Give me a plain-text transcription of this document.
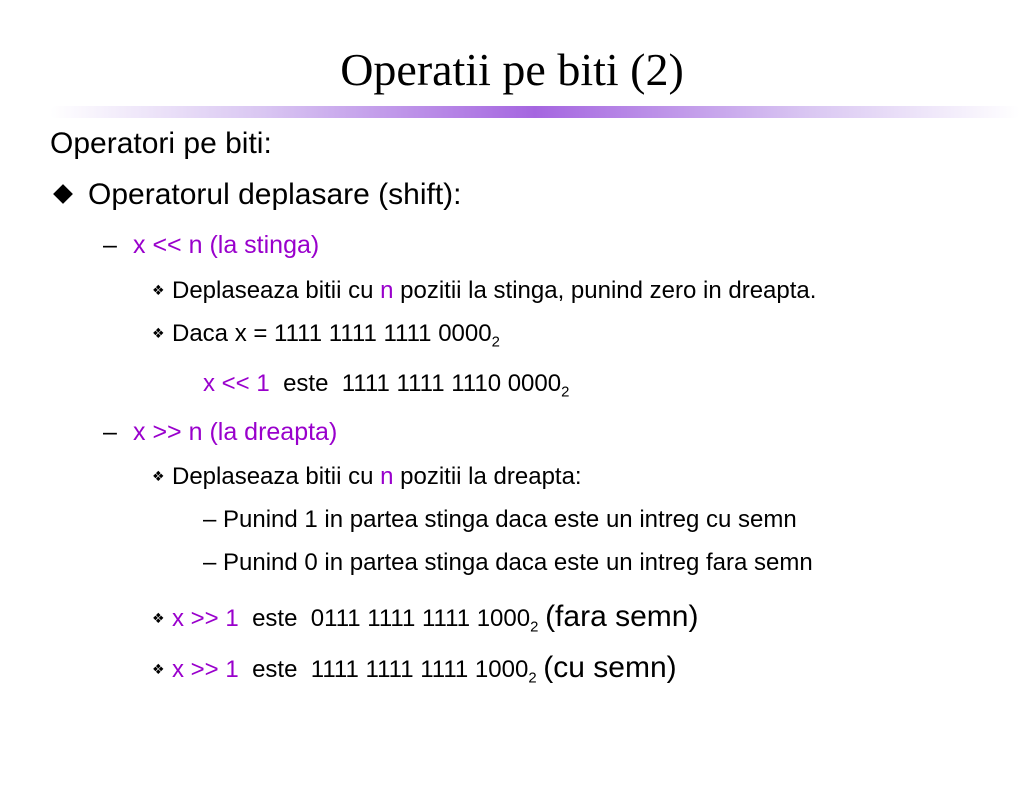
Operatii pe biti (2)
Operatori pe biti:
Operatorul deplasare (shift):
– x << n (la stinga)
❖ Deplaseaza bitii cu n pozitii la stinga, punind zero in dreapta.
❖ Daca x = 1111 1111 1111 $0000_2$
x << 1 este 1111 1111 1110 $0000_2$
– x >> n (la dreapta)
❖ Deplaseaza bitii cu n pozitii la dreapta:
– Punind 1 in partea stinga daca este un intreg cu semn
– Punind 0 in partea stinga daca este un intreg fara semn
❖ x >> 1 este 0111 1111 1111 $1000_2$ (fara semn)
❖ x >> 1 este 1111 1111 1111 $1000_2$ (cu semn)
